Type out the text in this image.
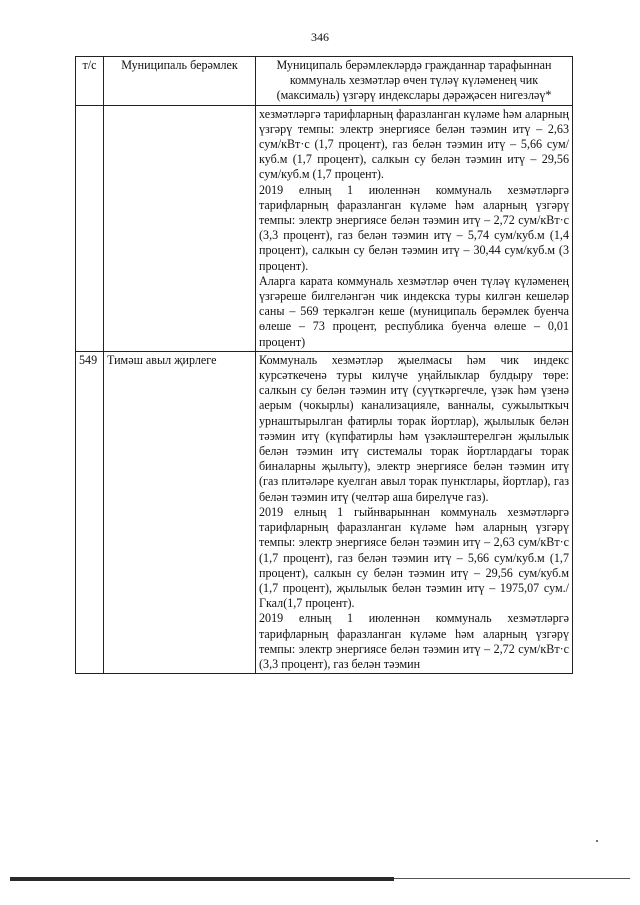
346
т/с	Муниципаль берәмлек	Муниципаль берәмлекләрдә гражданнар тарафыннан коммуналь хезмәтләр өчен түләү күләменең чик (максималь) үзгәрү индекслары дәрәҗәсен нигезләү*

		хезмәтләргә тарифларның фаразланган күләме һәм аларның үзгәрү темпы: электр энергиясе белән тәэмин итү – 2,63 сум/кВт·с (1,7 процент), газ белән тәэмин итү – 5,66 сум/куб.м (1,7 процент), салкын су белән тәэмин итү – 29,56 сум/куб.м (1,7 процент).

2019 елның 1 июленнән коммуналь хезмәтләргә тарифларның фаразланган күләме һәм аларның үзгәрү темпы: электр энергиясе белән тәэмин итү – 2,72 сум/кВт·с (3,3 процент), газ белән тәэмин итү – 5,74 сум/куб.м (1,4 процент), салкын су белән тәэмин итү – 30,44 сум/куб.м (3 процент).

Аларга карата коммуналь хезмәтләр өчен түләү күләменең үзгәреше билгеләнгән чик индекска туры килгән кешеләр саны – 569 теркәлгән кеше (муниципаль берәмлек буенча өлеше – 73 процент, республика буенча өлеше – 0,01 процент)

549	Тимәш авыл җирлеге	Коммуналь хезмәтләр җыелмасы һәм чик индекс курсәткеченә туры килүче уңайлыклар булдыру төре: салкын су белән тәэмин итү (суүткәргечле, үзәк һәм үзенә аерым (чокырлы) канализацияле, ванналы, сужылыткыч урнаштырылган фатирлы торак йортлар), җылылык белән тәэмин итү (күпфатирлы һәм үзәкләштерелгән җылылык белән тәэмин итү системалы торак йортлардагы торак биналарны җылыту), электр энергиясе белән тәэмин итү (газ плитәләре куелган авыл торак пунктлары, йортлар), газ белән тәэмин итү (челтәр аша бирелүче газ).

2019 елның 1 гыйнварыннан коммуналь хезмәтләргә тарифларның фаразланган күләме һәм аларның үзгәрү темпы: электр энергиясе белән тәэмин итү – 2,63 сум/кВт·с (1,7 процент), газ белән тәэмин итү – 5,66 сум/куб.м (1,7 процент), салкын су белән тәэмин итү – 29,56 сум/куб.м (1,7 процент), җылылык белән тәэмин итү – 1975,07 сум./Гкал(1,7 процент).

2019 елның 1 июленнән коммуналь хезмәтләргә тарифларның фаразланган күләме һәм аларның үзгәрү темпы: электр энергиясе белән тәэмин итү – 2,72 сум/кВт·с (3,3 процент), газ белән тәэмин
